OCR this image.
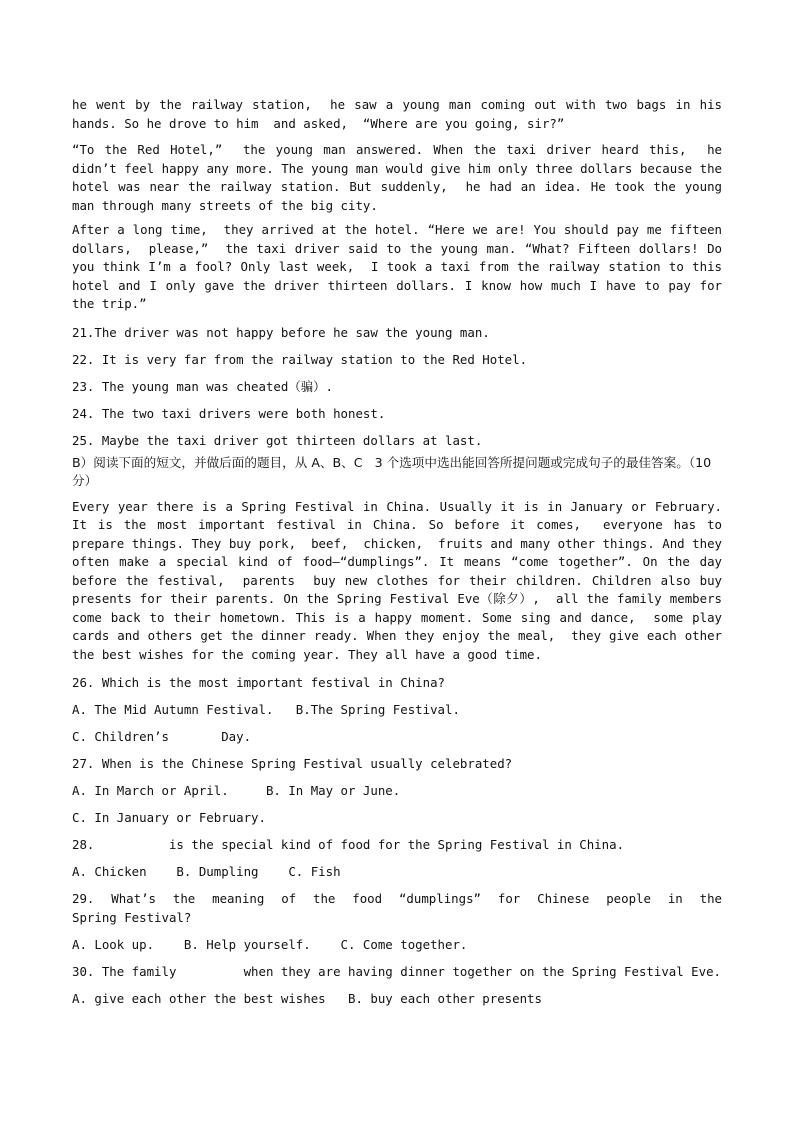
he went by the railway station,  he saw a young man coming out with two bags in his hands. So he drove to him  and asked,  “Where are you going, sir?”

“To the Red Hotel,”  the young man answered. When the taxi driver heard this,  he didn’t feel happy any more. The young man would give him only three dollars because the hotel was near the railway station. But suddenly,  he had an idea. He took the young man through many streets of the big city.

After a long time,  they arrived at the hotel. “Here we are! You should pay me fifteen dollars,  please,”  the taxi driver said to the young man. “What? Fifteen dollars! Do you think I’m a fool? Only last week,  I took a taxi from the railway station to this hotel and I only gave the driver thirteen dollars. I know how much I have to pay for the trip.”

21.The driver was not happy before he saw the young man.

22. It is very far from the railway station to the Red Hotel.

23. The young man was cheated（骗）.

24. The two taxi drivers were both honest.

25. Maybe the taxi driver got thirteen dollars at last.

B）阅读下面的短文，并做后面的题目，从 A、B、C   3 个选项中选出能回答所提问题或完成句子的最佳答案。（10 分）

Every year there is a Spring Festival in China. Usually it is in January or February. It is the most important festival in China. So before it comes,  everyone has to prepare things. They buy pork,  beef,  chicken,  fruits and many other things. And they often make a special kind of food—“dumplings”. It means “come together”. On the day before the festival,  parents  buy new clothes for their children. Children also buy presents for their parents. On the Spring Festival Eve（除夕）,  all the family members come back to their hometown. This is a happy moment. Some sing and dance,  some play cards and others get the dinner ready. When they enjoy the meal,  they give each other the best wishes for the coming year. They all have a good time.

26. Which is the most important festival in China?

A. The Mid Autumn Festival.   B.The Spring Festival.

C. Children’s       Day.

27. When is the Chinese Spring Festival usually celebrated?

A. In March or April.     B. In May or June.

C. In January or February.

28.          is the special kind of food for the Spring Festival in China.

A. Chicken    B. Dumpling    C. Fish

29.  What’s  the  meaning  of  the  food  “dumplings”  for  Chinese  people  in  the  Spring Festival?

A. Look up.    B. Help yourself.    C. Come together.

30. The family         when they are having dinner together on the Spring Festival Eve.

A. give each other the best wishes   B. buy each other presents
